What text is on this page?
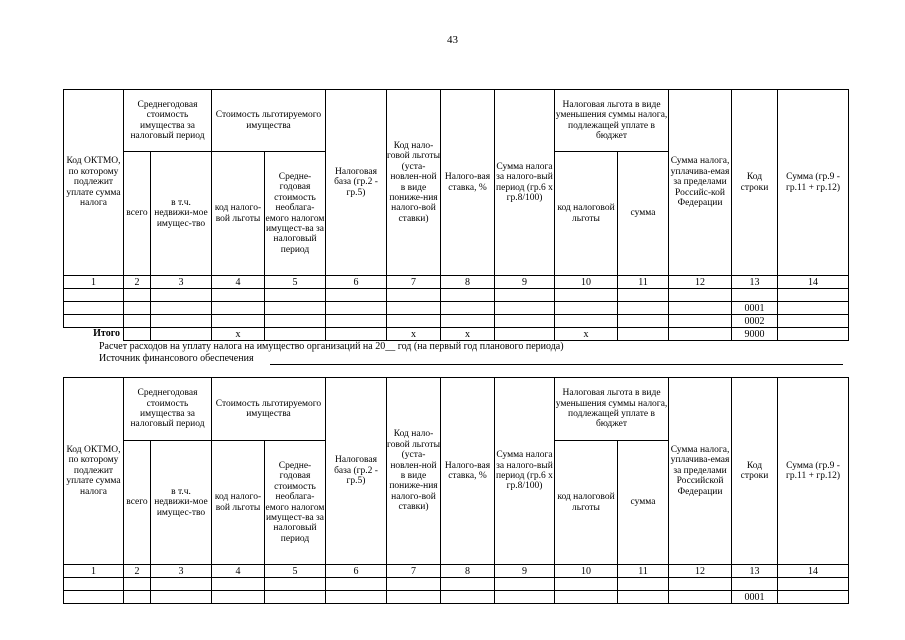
43
Код ОКТМО, по которому подлежит уплате сумма налога	Среднегодовая стоимость имущества за налоговый период		Стоимость льготируемого имущества		Налоговая база (гр.2 - гр.5)	Код нало-говой льготы (уста-новлен-ной в виде пониже-ния налого-вой ставки)	Налого-вая ставка, %	Сумма налога за налого-вый период (гр.6 х гр.8/100)	Налоговая льгота в виде уменьшения суммы налога, подлежащей уплате в бюджет		Сумма налога, уплачива-емая за пределами Российс-кой Федерации	Код строки	Сумма (гр.9 - гр.11 + гр.12)
	всего	в т.ч. недвижи-мое имущес-тво	код налого-вой льготы	Средне-годовая стоимость необлага-емого налогом имущест-ва за налоговый период					код налоговой льготы	сумма			
1	2	3	4	5	6	7	8	9	10	11	12	13	14

												0001	
												0002	
Итого			х			х	х		х			9000	
Расчет расходов на уплату налога на имущество организаций на 20__ год (на первый год планового периода)
Источник финансового обеспечения
Код ОКТМО, по которому подлежит уплате сумма налога	Среднегодовая стоимость имущества за налоговый период		Стоимость льготируемого имущества		Налоговая база (гр.2 - гр.5)	Код нало-говой льготы (уста-новлен-ной в виде пониже-ния налого-вой ставки)	Налого-вая ставка, %	Сумма налога за налого-вый период (гр.6 х гр.8/100)	Налоговая льгота в виде уменьшения суммы налога, подлежащей уплате в бюджет		Сумма налога, уплачива-емая за пределами Российской Федерации	Код строки	Сумма (гр.9 - гр.11 + гр.12)
	всего	в т.ч. недвижи-мое имущес-тво	код налого-вой льготы	Средне-годовая стоимость необлага-емого налогом имущест-ва за налоговый период					код налоговой льготы	сумма			
1	2	3	4	5	6	7	8	9	10	11	12	13	14

												0001	
